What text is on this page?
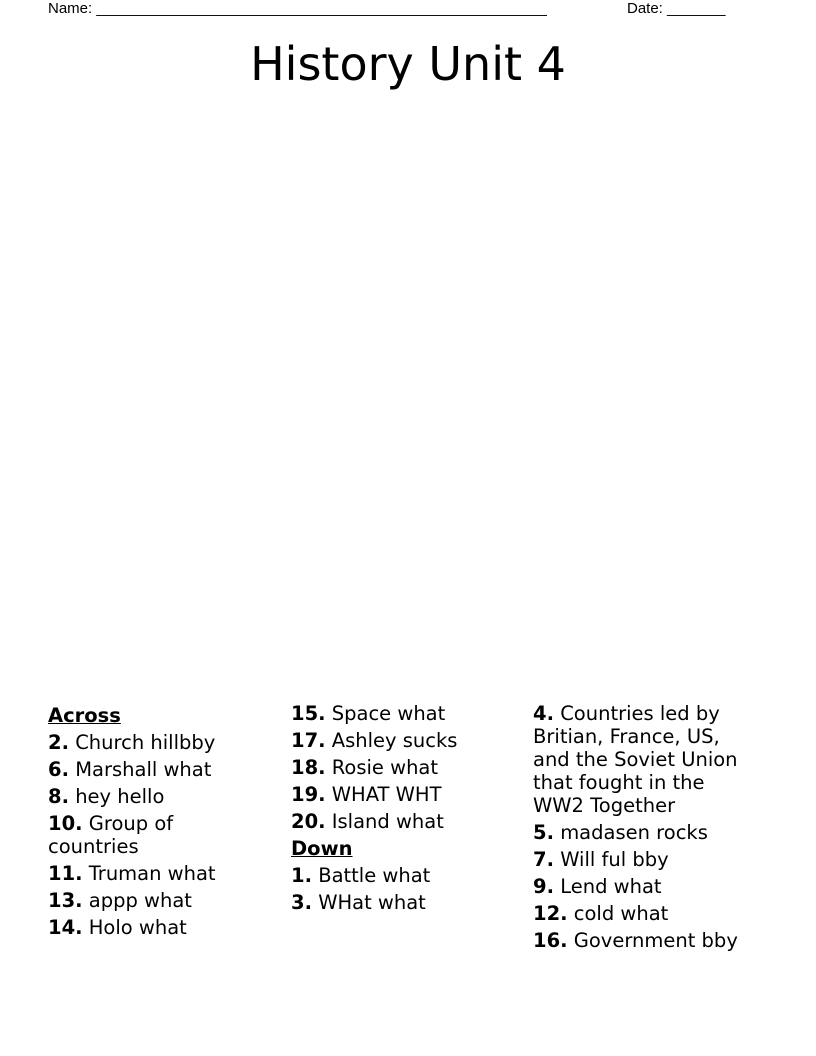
Name: ______________________________________________________	Date: _______
History Unit 4
Across
2. Church hillbby
6. Marshall what
8. hey hello
10. Group of countries
11. Truman what
13. appp what
14. Holo what
15. Space what
17. Ashley sucks
18. Rosie what
19. WHAT WHT
20. Island what
Down
1. Battle what
3. WHat what
4. Countries led by Britian, France, US, and the Soviet Union that fought in the WW2 Together
5. madasen rocks
7. Will ful bby
9. Lend what
12. cold what
16. Government bby
